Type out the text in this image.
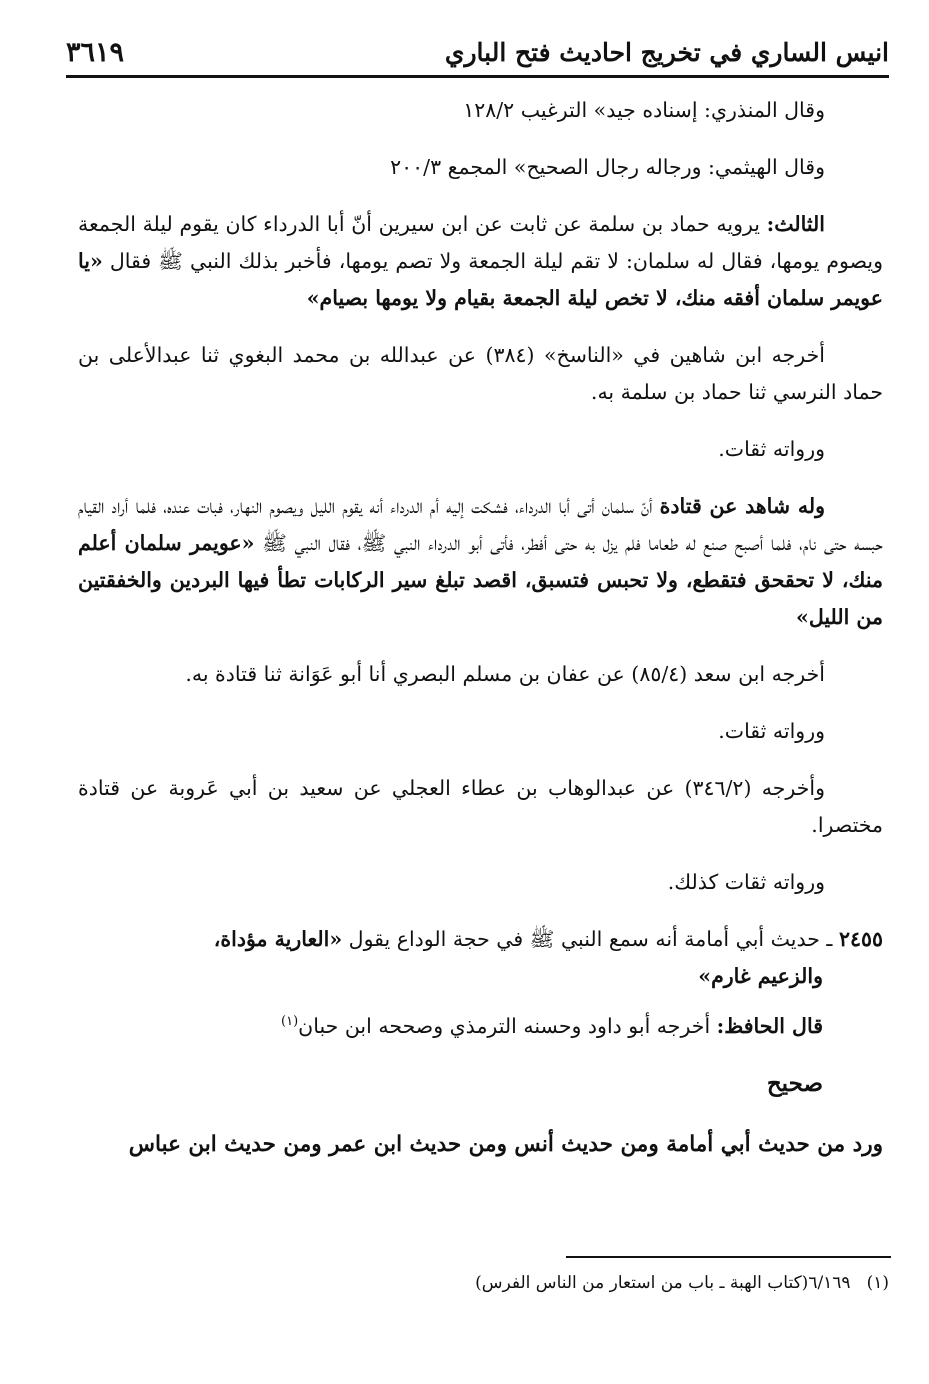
انيس الساري في تخريج احاديث فتح الباري
٣٦١٩

وقال المنذري: إسناده جيد» الترغيب ١٢٨/٢

وقال الهيثمي: ورجاله رجال الصحيح» المجمع ٢٠٠/٣

الثالث: يرويه حماد بن سلمة عن ثابت عن ابن سيرين أنّ أبا الدرداء كان يقوم ليلة الجمعة ويصوم يومها، فقال له سلمان: لا تقم ليلة الجمعة ولا تصم يومها، فأخبر بذلك النبي ﷺ فقال «يا عويمر سلمان أفقه منك، لا تخص ليلة الجمعة بقيام ولا يومها بصيام»

أخرجه ابن شاهين في «الناسخ» (٣٨٤) عن عبدالله بن محمد البغوي ثنا عبدالأعلى بن حماد النرسي ثنا حماد بن سلمة به.

ورواته ثقات.

وله شاهد عن قتادة أنّ سلمان أتى أبا الدرداء، فشكت إليه أم الدرداء أنه يقوم الليل ويصوم النهار، فبات عنده، فلما أراد القيام حبسه حتى نام، فلما أصبح صنع له طعاما فلم يزل به حتى أفطر، فأتى أبو الدرداء النبي ﷺ، فقال النبي ﷺ «عويمر سلمان أعلم منك، لا تحقحق فتقطع، ولا تحبس فتسبق، اقصد تبلغ سير الركابات تطأ فيها البردين والخفقتين من الليل»

أخرجه ابن سعد (٨٥/٤) عن عفان بن مسلم البصري أنا أبو عَوَانة ثنا قتادة به.

ورواته ثقات.

وأخرجه (٣٤٦/٢) عن عبدالوهاب بن عطاء العجلي عن سعيد بن أبي عَروبة عن قتادة مختصرا.

ورواته ثقات كذلك.

٢٤٥٥ ـ حديث أبي أمامة أنه سمع النبي ﷺ في حجة الوداع يقول «العارية مؤداة،
والزعيم غارم»

قال الحافظ: أخرجه أبو داود وحسنه الترمذي وصححه ابن حبان$^{(١)}$

صحيح

ورد من حديث أبي أمامة ومن حديث أنس ومن حديث ابن عمر ومن حديث ابن عباس

(١)٦/١٦٩(كتاب الهبة ـ باب من استعار من الناس الفرس)
